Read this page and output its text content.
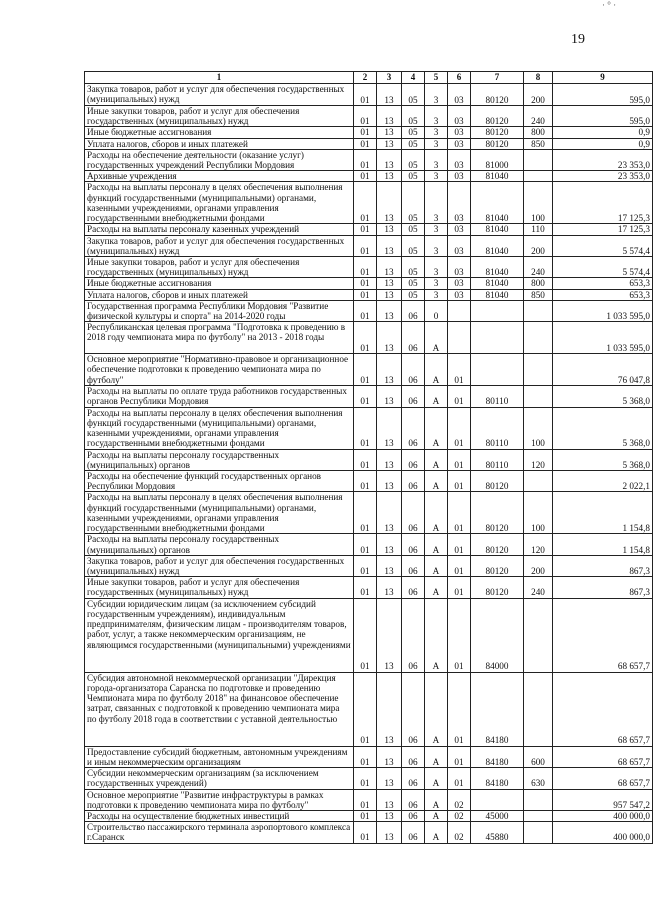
19
· ° ·
1	2	3	4	5	6	7	8	9
Закупка товаров, работ и услуг для обеспечения государственных (муниципальных) нужд	01	13	05	3	03	80120	200	595,0
Иные закупки товаров, работ и услуг для обеспечения государственных (муниципальных) нужд	01	13	05	3	03	80120	240	595,0
Иные бюджетные ассигнования	01	13	05	3	03	80120	800	0,9
Уплата налогов, сборов и иных платежей	01	13	05	3	03	80120	850	0,9
Расходы на обеспечение деятельности (оказание услуг) государственных учреждений Республики Мордовия	01	13	05	3	03	81000		23 353,0
Архивные учреждения	01	13	05	3	03	81040		23 353,0
Расходы на выплаты персоналу в целях обеспечения выполнения функций государственными (муниципальными) органами, казенными учреждениями, органами управления государственными внебюджетными фондами	01	13	05	3	03	81040	100	17 125,3
Расходы на выплаты персоналу казенных учреждений	01	13	05	3	03	81040	110	17 125,3
Закупка товаров, работ и услуг для обеспечения государственных (муниципальных) нужд	01	13	05	3	03	81040	200	5 574,4
Иные закупки товаров, работ и услуг для обеспечения государственных (муниципальных) нужд	01	13	05	3	03	81040	240	5 574,4
Иные бюджетные ассигнования	01	13	05	3	03	81040	800	653,3
Уплата налогов, сборов и иных платежей	01	13	05	3	03	81040	850	653,3
Государственная программа Республики Мордовия "Развитие физической культуры и спорта" на 2014-2020 годы	01	13	06	0				1 033 595,0
Республиканская целевая программа "Подготовка к проведению в 2018 году чемпионата мира по футболу" на 2013 - 2018 годы	01	13	06	А				1 033 595,0
Основное мероприятие "Нормативно-правовое и организационное обеспечение подготовки к проведению чемпионата мира по футболу"	01	13	06	А	01			76 047,8
Расходы на выплаты по оплате труда работников государственных органов Республики Мордовия	01	13	06	А	01	80110		5 368,0
Расходы на выплаты персоналу в целях обеспечения выполнения функций государственными (муниципальными) органами, казенными учреждениями, органами управления государственными внебюджетными фондами	01	13	06	А	01	80110	100	5 368,0
Расходы на выплаты персоналу государственных (муниципальных) органов	01	13	06	А	01	80110	120	5 368,0
Расходы на обеспечение функций государственных органов Республики Мордовия	01	13	06	А	01	80120		2 022,1
Расходы на выплаты персоналу в целях обеспечения выполнения функций государственными (муниципальными) органами, казенными учреждениями, органами управления государственными внебюджетными фондами	01	13	06	А	01	80120	100	1 154,8
Расходы на выплаты персоналу государственных (муниципальных) органов	01	13	06	А	01	80120	120	1 154,8
Закупка товаров, работ и услуг для обеспечения государственных (муниципальных) нужд	01	13	06	А	01	80120	200	867,3
Иные закупки товаров, работ и услуг для обеспечения государственных (муниципальных) нужд	01	13	06	А	01	80120	240	867,3
Субсидии юридическим лицам (за исключением субсидий государственным учреждениям), индивидуальным предпринимателям, физическим лицам - производителям товаров, работ, услуг, а также некоммерческим организациям, не являющимся государственными (муниципальными) учреждениями	01	13	06	А	01	84000		68 657,7
Субсидия автономной некоммерческой организации "Дирекция города-организатора Саранска по подготовке и проведению Чемпионата мира по футболу 2018" на финансовое обеспечение затрат, связанных с подготовкой к проведению чемпионата мира по футболу 2018 года в соответствии с уставной деятельностью	01	13	06	А	01	84180		68 657,7
Предоставление субсидий бюджетным, автономным учреждениям и иным некоммерческим организациям	01	13	06	А	01	84180	600	68 657,7
Субсидии некоммерческим организациям (за исключением государственных учреждений)	01	13	06	А	01	84180	630	68 657,7
Основное мероприятие "Развитие инфраструктуры в рамках подготовки к проведению чемпионата мира по футболу"	01	13	06	А	02			957 547,2
Расходы на осуществление бюджетных инвестиций	01	13	06	А	02	45000		400 000,0
Строительство пассажирского терминала аэропортового комплекса г.Саранск	01	13	06	А	02	45880		400 000,0
